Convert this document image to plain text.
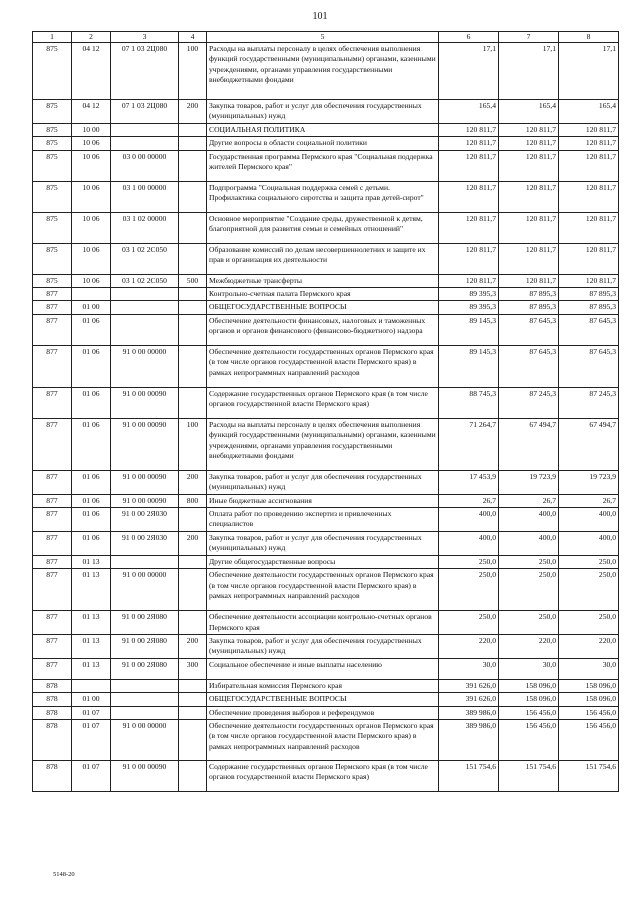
101
1	2	3	4	5	6	7	8
875	04 12	07 1 03 2Ц080	100	Расходы на выплаты персоналу в целях обеспечения выполнения функций государственными (муниципальными) органами, казенными учреждениями, органами управления государственными внебюджетными фондами	17,1	17,1	17,1
875	04 12	07 1 03 2Ц080	200	Закупка товаров, работ и услуг для обеспечения государственных (муниципальных) нужд	165,4	165,4	165,4
875	10 00			СОЦИАЛЬНАЯ ПОЛИТИКА	120 811,7	120 811,7	120 811,7
875	10 06			Другие вопросы в области социальной политики	120 811,7	120 811,7	120 811,7
875	10 06	03 0 00 00000		Государственная программа Пермского края "Социальная поддержка жителей Пермского края"	120 811,7	120 811,7	120 811,7
875	10 06	03 1 00 00000		Подпрограмма "Социальная поддержка семей с детьми. Профилактика социального сиротства и защита прав детей-сирот"	120 811,7	120 811,7	120 811,7
875	10 06	03 1 02 00000		Основное мероприятие "Создание среды, дружественной к детям, благоприятной для развития семьи и семейных отношений"	120 811,7	120 811,7	120 811,7
875	10 06	03 1 02 2С050		Образование комиссий по делам несовершеннолетних и защите их прав и организация их деятельности	120 811,7	120 811,7	120 811,7
875	10 06	03 1 02 2С050	500	Межбюджетные трансферты	120 811,7	120 811,7	120 811,7
877				Контрольно-счетная палата Пермского края	89 395,3	87 895,3	87 895,3
877	01 00			ОБЩЕГОСУДАРСТВЕННЫЕ ВОПРОСЫ	89 395,3	87 895,3	87 895,3
877	01 06			Обеспечение деятельности финансовых, налоговых и таможенных органов и органов финансового (финансово-бюджетного) надзора	89 145,3	87 645,3	87 645,3
877	01 06	91 0 00 00000		Обеспечение деятельности государственных органов Пермского края (в том числе органов государственной власти Пермского края) в рамках непрограммных направлений расходов	89 145,3	87 645,3	87 645,3
877	01 06	91 0 00 00090		Содержание государственных органов Пермского края (в том числе органов государственной власти Пермского края)	88 745,3	87 245,3	87 245,3
877	01 06	91 0 00 00090	100	Расходы на выплаты персоналу в целях обеспечения выполнения функций государственными (муниципальными) органами, казенными учреждениями, органами управления государственными внебюджетными фондами	71 264,7	67 494,7	67 494,7
877	01 06	91 0 00 00090	200	Закупка товаров, работ и услуг для обеспечения государственных (муниципальных) нужд	17 453,9	19 723,9	19 723,9
877	01 06	91 0 00 00090	800	Иные бюджетные ассигнования	26,7	26,7	26,7
877	01 06	91 0 00 2Я030		Оплата работ по проведению экспертиз и привлеченных специалистов	400,0	400,0	400,0
877	01 06	91 0 00 2Я030	200	Закупка товаров, работ и услуг для обеспечения государственных (муниципальных) нужд	400,0	400,0	400,0
877	01 13			Другие общегосударственные вопросы	250,0	250,0	250,0
877	01 13	91 0 00 00000		Обеспечение деятельности государственных органов Пермского края (в том числе органов государственной власти Пермского края) в рамках непрограммных направлений расходов	250,0	250,0	250,0
877	01 13	91 0 00 2Я080		Обеспечение деятельности ассоциации контрольно-счетных органов Пермского края	250,0	250,0	250,0
877	01 13	91 0 00 2Я080	200	Закупка товаров, работ и услуг для обеспечения государственных (муниципальных) нужд	220,0	220,0	220,0
877	01 13	91 0 00 2Я080	300	Социальное обеспечение и иные выплаты населению	30,0	30,0	30,0
878				Избирательная комиссия Пермского края	391 626,0	158 096,0	158 096,0
878	01 00			ОБЩЕГОСУДАРСТВЕННЫЕ ВОПРОСЫ	391 626,0	158 096,0	158 096,0
878	01 07			Обеспечение проведения выборов и референдумов	389 986,0	156 456,0	156 456,0
878	01 07	91 0 00 00000		Обеспечение деятельности государственных органов Пермского края (в том числе органов государственной власти Пермского края) в рамках непрограммных направлений расходов	389 986,0	156 456,0	156 456,0
878	01 07	91 0 00 00090		Содержание государственных органов Пермского края (в том числе органов государственной власти Пермского края)	151 754,6	151 754,6	151 754,6
5148-20
